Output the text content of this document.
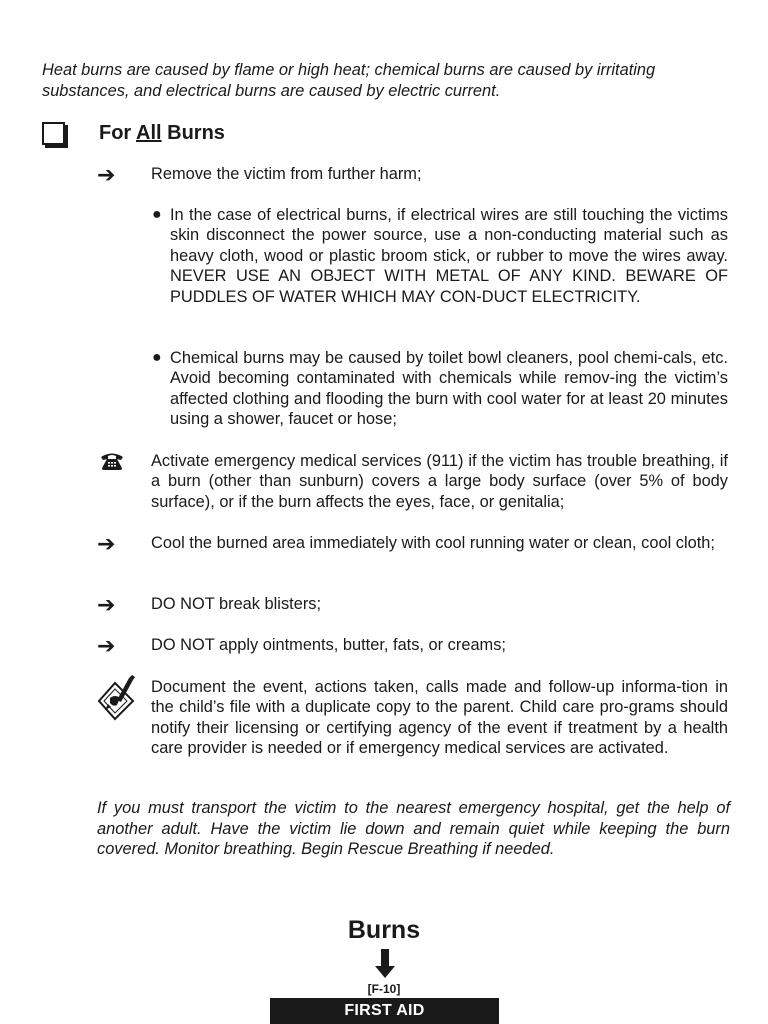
Heat burns are caused by flame or high heat; chemical burns are caused by irritating substances, and electrical burns are caused by electric current.
For All Burns
➔ Remove the victim from further harm;
● In the case of electrical burns, if electrical wires are still touching the victims skin disconnect the power source, use a non-conducting material such as heavy cloth, wood or plastic broom stick, or rubber to move the wires away. NEVER USE AN OBJECT WITH METAL OF ANY KIND. BEWARE OF PUDDLES OF WATER WHICH MAY CON-DUCT ELECTRICITY.
● Chemical burns may be caused by toilet bowl cleaners, pool chemi-cals, etc. Avoid becoming contaminated with chemicals while remov-ing the victim’s affected clothing and flooding the burn with cool water for at least 20 minutes using a shower, faucet or hose;
Activate emergency medical services (911) if the victim has trouble breathing, if a burn (other than sunburn) covers a large body surface (over 5% of body surface), or if the burn affects the eyes, face, or genitalia;
➔ Cool the burned area immediately with cool running water or clean, cool cloth;
➔ DO NOT break blisters;
➔ DO NOT apply ointments, butter, fats, or creams;
Document the event, actions taken, calls made and follow-up informa-tion in the child’s file with a duplicate copy to the parent. Child care pro-grams should notify their licensing or certifying agency of the event if treatment by a health care provider is needed or if emergency medical services are activated.
If you must transport the victim to the nearest emergency hospital, get the help of another adult. Have the victim lie down and remain quiet while keeping the burn covered. Monitor breathing. Begin Rescue Breathing if needed.
Burns
[F-10]
FIRST AID
